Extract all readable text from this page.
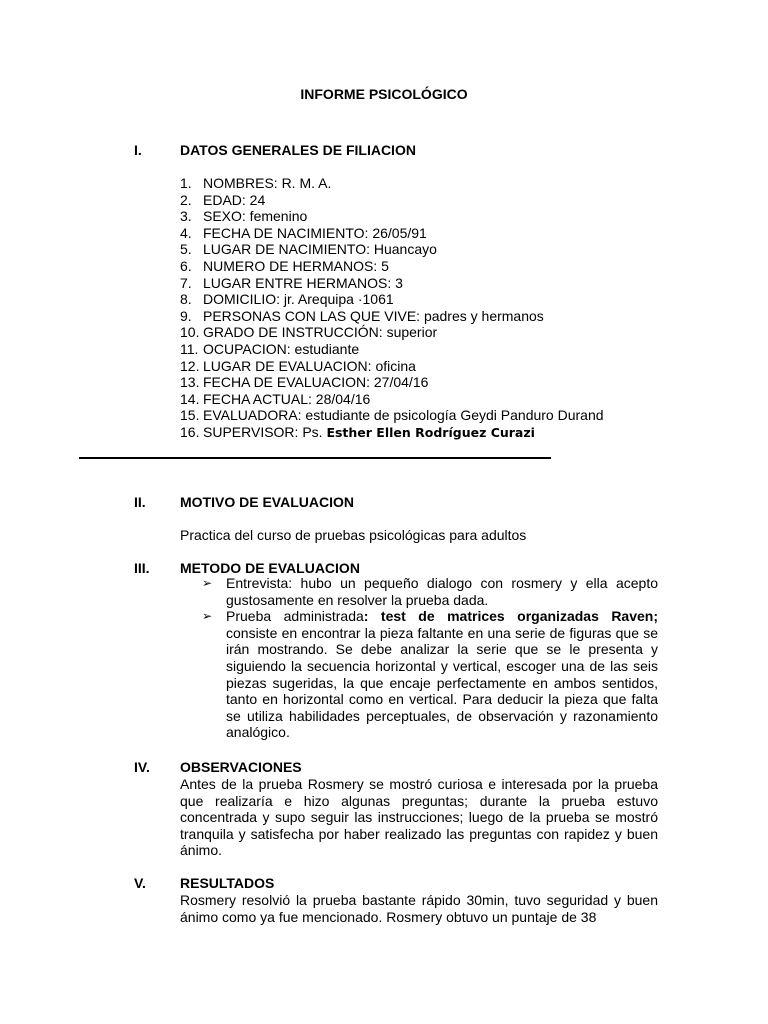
INFORME PSICOLÓGICO
I.	DATOS GENERALES DE FILIACION
1. NOMBRES: R. M. A.
2. EDAD: 24
3. SEXO: femenino
4. FECHA DE NACIMIENTO: 26/05/91
5. LUGAR DE NACIMIENTO: Huancayo
6. NUMERO DE HERMANOS: 5
7. LUGAR ENTRE HERMANOS: 3
8. DOMICILIO: jr. Arequipa ·1061
9. PERSONAS CON LAS QUE VIVE: padres y hermanos
10. GRADO DE INSTRUCCIÓN: superior
11. OCUPACION: estudiante
12. LUGAR DE EVALUACION: oficina
13. FECHA DE EVALUACION: 27/04/16
14. FECHA ACTUAL: 28/04/16
15. EVALUADORA: estudiante de psicología Geydi Panduro Durand
16. SUPERVISOR: Ps. Esther Ellen Rodríguez Curazi
II. MOTIVO DE EVALUACION

Practica del curso de pruebas psicológicas para adultos

III. METODO DE EVALUACION
➢ Entrevista: hubo un pequeño dialogo con rosmery y ella acepto gustosamente en resolver la prueba dada.
➢ Prueba administrada: test de matrices organizadas Raven; consiste en encontrar la pieza faltante en una serie de figuras que se irán mostrando. Se debe analizar la serie que se le presenta y siguiendo la secuencia horizontal y vertical, escoger una de las seis piezas sugeridas, la que encaje perfectamente en ambos sentidos, tanto en horizontal como en vertical. Para deducir la pieza que falta se utiliza habilidades perceptuales, de observación y razonamiento analógico.
IV. OBSERVACIONES

Antes de la prueba Rosmery se mostró curiosa e interesada por la prueba que realizaría e hizo algunas preguntas; durante la prueba estuvo concentrada y supo seguir las instrucciones; luego de la prueba se mostró tranquila y satisfecha por haber realizado las preguntas con rapidez y buen ánimo.

V. RESULTADOS

Rosmery resolvió la prueba bastante rápido 30min, tuvo seguridad y buen ánimo como ya fue mencionado. Rosmery obtuvo un puntaje de 38
